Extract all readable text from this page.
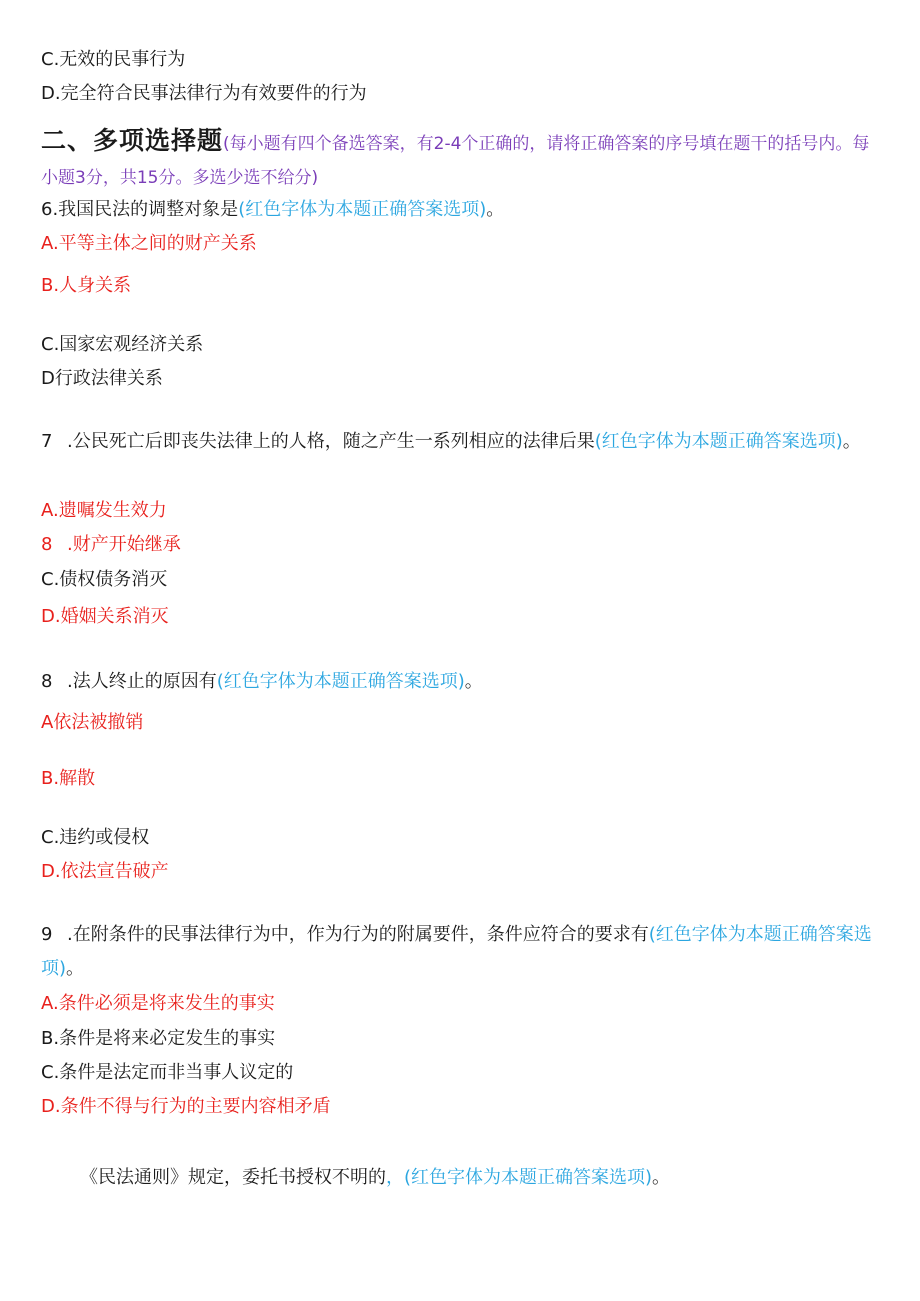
C.无效的民事行为
D.完全符合民事法律行为有效要件的行为
二、多项选择题(每小题有四个备选答案，有2-4个正确的，请将正确答案的序号填在题干的括号内。每小题3分，共15分。多选少选不给分)
6.我国民法的调整对象是(红色字体为本题正确答案选项)。
A.平等主体之间的财产关系
B.人身关系
C.国家宏观经济关系
D行政法律关系
7 .公民死亡后即丧失法律上的人格，随之产生一系列相应的法律后果(红色字体为本题正确答案选项)。
A.遗嘱发生效力
8 .财产开始继承
C.债权债务消灭
D.婚姻关系消灭
8 .法人终止的原因有(红色字体为本题正确答案选项)。
A依法被撤销
B.解散
C.违约或侵权
D.依法宣告破产
9 .在附条件的民事法律行为中，作为行为的附属要件，条件应符合的要求有(红色字体为本题正确答案选项)。
A.条件必须是将来发生的事实
B.条件是将来必定发生的事实
C.条件是法定而非当事人议定的
D.条件不得与行为的主要内容相矛盾
《民法通则》规定，委托书授权不明的，(红色字体为本题正确答案选项)。
